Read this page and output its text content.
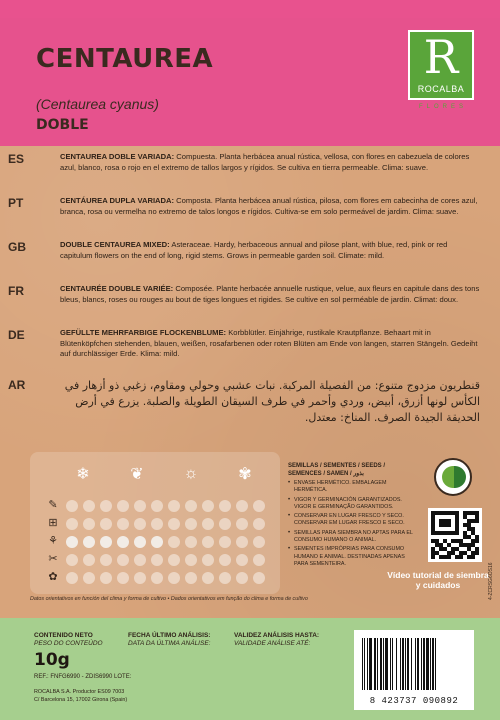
CENTAUREA
(Centaurea cyanus)
DOBLE
R
ROCALBA
FLORES
ES	CENTAUREA DOBLE VARIADA: Compuesta. Planta herbácea anual rústica, vellosa, con flores en cabezuela de colores azul, blanco, rosa o rojo en el extremo de tallos largos y rígidos. Se cultiva en tierra permeable. Clima: suave.
PT	CENTÁUREA DUPLA VARIADA: Composta. Planta herbácea anual rústica, pilosa, com flores em cabecinha de cores azul, branca, rosa ou vermelha no extremo de talos longos e rígidos. Cultiva-se em solo permeável de jardim. Clima: suave.
GB	DOUBLE CENTAUREA MIXED: Asteraceae. Hardy, herbaceous annual and pilose plant, with blue, red, pink or red capitulum flowers on the end of long, rigid stems. Grows in permeable garden soil. Climate: mild.
FR	CENTAURÉE DOUBLE VARIÉE: Composée. Plante herbacée annuelle rustique, velue, aux fleurs en capitule dans des tons bleus, blancs, roses ou rouges au bout de tiges longues et rigides. Se cultive en sol perméable de jardin. Climat: doux.
DE	GEFÜLLTE MEHRFARBIGE FLOCKENBLUME: Korbblütler. Einjährige, rustikale Krautpflanze. Behaart mit in Blütenköpfchen stehenden, blauen, weißen, rosafarbenen oder roten Blüten am Ende von langen, starren Stängeln. Gedeiht auf durchlässiger Erde. Klima: mild.
AR	قنطريون مزدوج متنوع: من الفصيلة المركبة. نبات عشبي وحولي ومقاوم، زغبي ذو أزهار في الكأس لونها أزرق، أبيض، وردي وأحمر في طرف السيقان الطويلة والصلبة. يزرع في أرض الحديقة الجيدة الصرف. المناخ: معتدل.
❄	❦ ☼ ✾
✎
⊞
⚘
✂
✿
SEMILLAS / SEMENTES / SEEDS / SEMENCES / SAMEN / بذور
• ENVASE HERMÉTICO. EMBALAGEM HERMÉTICA.
• VIGOR Y GERMINACIÓN GARANTIZADOS. VIGOR E GERMINAÇÃO GARANTIDOS.
• CONSERVAR EN LUGAR FRESCO Y SECO. CONSERVAR EM LUGAR FRESCO E SECO.
• SEMILLAS PARA SIEMBRA NO APTAS PARA EL CONSUMO HUMANO O ANIMAL.
• SEMENTES IMPRÓPRIAS PARA CONSUMO HUMANO E ANIMAL. DESTINADAS APENAS PARA SEMENTEIRA.
Vídeo tutorial de siembra y cuidados	4-ZCRSG6OS16
Datos orientativos en función del clima y forma de cultivo • Dados orientativos em função do clima e forma de cultivo
CONTENIDO NETO
PESO DO CONTEÚDO
10g
FECHA ÚLTIMO ANÁLISIS:
DATA DA ÚLTIMA ANÁLISE:
VALIDEZ ANÁLISIS HASTA:
VALIDADE ANÁLISE ATÉ:
REF.: FNFG6990 - ZDIS6990 LOTE:
ROCALBA S.A. Productor ES09 7003
C/ Barcelona 15, 17002 Girona (Spain)	8 423737 090892
